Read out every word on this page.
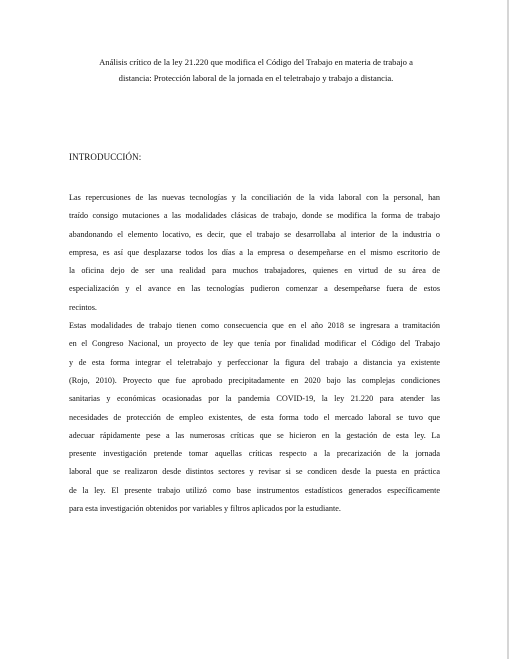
Análisis crítico de la ley 21.220 que modifica el Código del Trabajo en materia de trabajo a
distancia: Protección laboral de la jornada en el teletrabajo y trabajo a distancia.
INTRODUCCIÓN:

Las repercusiones de las nuevas tecnologías y la conciliación de la vida laboral con la personal, han
traído consigo mutaciones a las modalidades clásicas de trabajo, donde se modifica la forma de trabajo
abandonando el elemento locativo, es decir, que el trabajo se desarrollaba al interior de la industria o
empresa, es así que desplazarse todos los días a la empresa o desempeñarse en el mismo escritorio de
la oficina dejo de ser una realidad para muchos trabajadores, quienes en virtud de su área de
especialización y el avance en las tecnologías pudieron comenzar a desempeñarse fuera de estos
recintos.

Estas modalidades de trabajo tienen como consecuencia que en el año 2018 se ingresara a tramitación
en el Congreso Nacional, un proyecto de ley que tenía por finalidad modificar el Código del Trabajo
y de esta forma integrar el teletrabajo y perfeccionar la figura del trabajo a distancia ya existente
(Rojo, 2010). Proyecto que fue aprobado precipitadamente en 2020 bajo las complejas condiciones
sanitarias y económicas ocasionadas por la pandemia COVID-19, la ley 21.220 para atender las
necesidades de protección de empleo existentes, de esta forma todo el mercado laboral se tuvo que
adecuar rápidamente pese a las numerosas críticas que se hicieron en la gestación de esta ley. La
presente investigación pretende tomar aquellas críticas respecto a la precarización de la jornada
laboral que se realizaron desde distintos sectores y revisar si se condicen desde la puesta en práctica
de la ley. El presente trabajo utilizó como base instrumentos estadísticos generados específicamente
para esta investigación obtenidos por variables y filtros aplicados por la estudiante.
